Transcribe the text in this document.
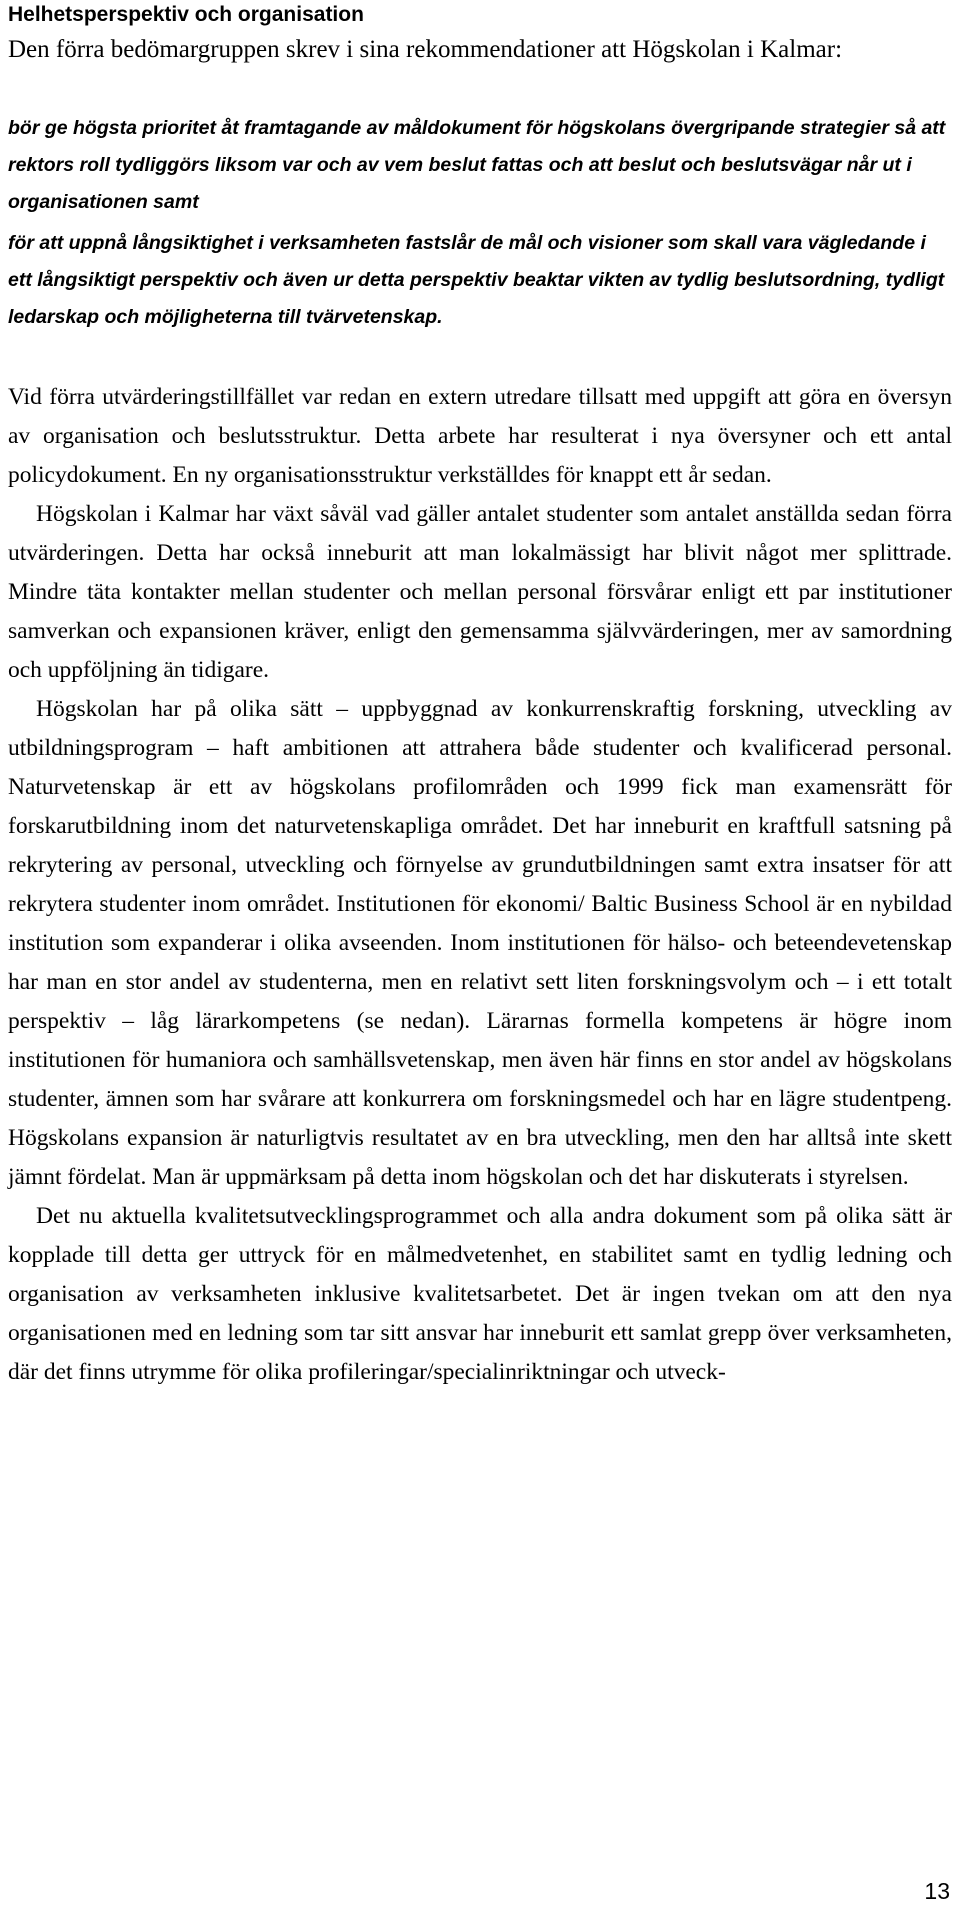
Helhetsperspektiv och organisation

Den förra bedömargruppen skrev i sina rekommendationer att Högskolan i Kalmar:

bör ge högsta prioritet åt framtagande av måldokument för högskolans övergripande strategier så att rektors roll tydliggörs liksom var och av vem beslut fattas och att beslut och beslutsvägar når ut i organisationen samt

för att uppnå långsiktighet i verksamheten fastslår de mål och visioner som skall vara vägledande i ett långsiktigt perspektiv och även ur detta perspektiv beaktar vikten av tydlig beslutsordning, tydligt ledarskap och möjligheterna till tvärvetenskap.

Vid förra utvärderingstillfället var redan en extern utredare tillsatt med uppgift att göra en översyn av organisation och beslutsstruktur. Detta arbete har resulterat i nya översyner och ett antal policydokument. En ny organisationsstruktur verkställdes för knappt ett år sedan.

Högskolan i Kalmar har växt såväl vad gäller antalet studenter som antalet anställda sedan förra utvärderingen. Detta har också inneburit att man lokalmässigt har blivit något mer splittrade. Mindre täta kontakter mellan studenter och mellan personal försvårar enligt ett par institutioner samverkan och expansionen kräver, enligt den gemensamma självvärderingen, mer av samordning och uppföljning än tidigare.

Högskolan har på olika sätt – uppbyggnad av konkurrenskraftig forskning, utveckling av utbildningsprogram – haft ambitionen att attrahera både studenter och kvalificerad personal. Naturvetenskap är ett av högskolans profilområden och 1999 fick man examensrätt för forskarutbildning inom det naturvetenskapliga området. Det har inneburit en kraftfull satsning på rekrytering av personal, utveckling och förnyelse av grundutbildningen samt extra insatser för att rekrytera studenter inom området. Institutionen för ekonomi/ Baltic Business School är en nybildad institution som expanderar i olika avseenden. Inom institutionen för hälso- och beteendevetenskap har man en stor andel av studenterna, men en relativt sett liten forskningsvolym och – i ett totalt perspektiv – låg lärarkompetens (se nedan). Lärarnas formella kompetens är högre inom institutionen för humaniora och samhällsvetenskap, men även här finns en stor andel av högskolans studenter, ämnen som har svårare att konkurrera om forskningsmedel och har en lägre studentpeng. Högskolans expansion är naturligtvis resultatet av en bra utveckling, men den har alltså inte skett jämnt fördelat. Man är uppmärksam på detta inom högskolan och det har diskuterats i styrelsen.

Det nu aktuella kvalitetsutvecklingsprogrammet och alla andra dokument som på olika sätt är kopplade till detta ger uttryck för en målmedvetenhet, en stabilitet samt en tydlig ledning och organisation av verksamheten inklusive kvalitetsarbetet. Det är ingen tvekan om att den nya organisationen med en ledning som tar sitt ansvar har inneburit ett samlat grepp över verksamheten, där det finns utrymme för olika profileringar/specialinriktningar och utveck-

13
